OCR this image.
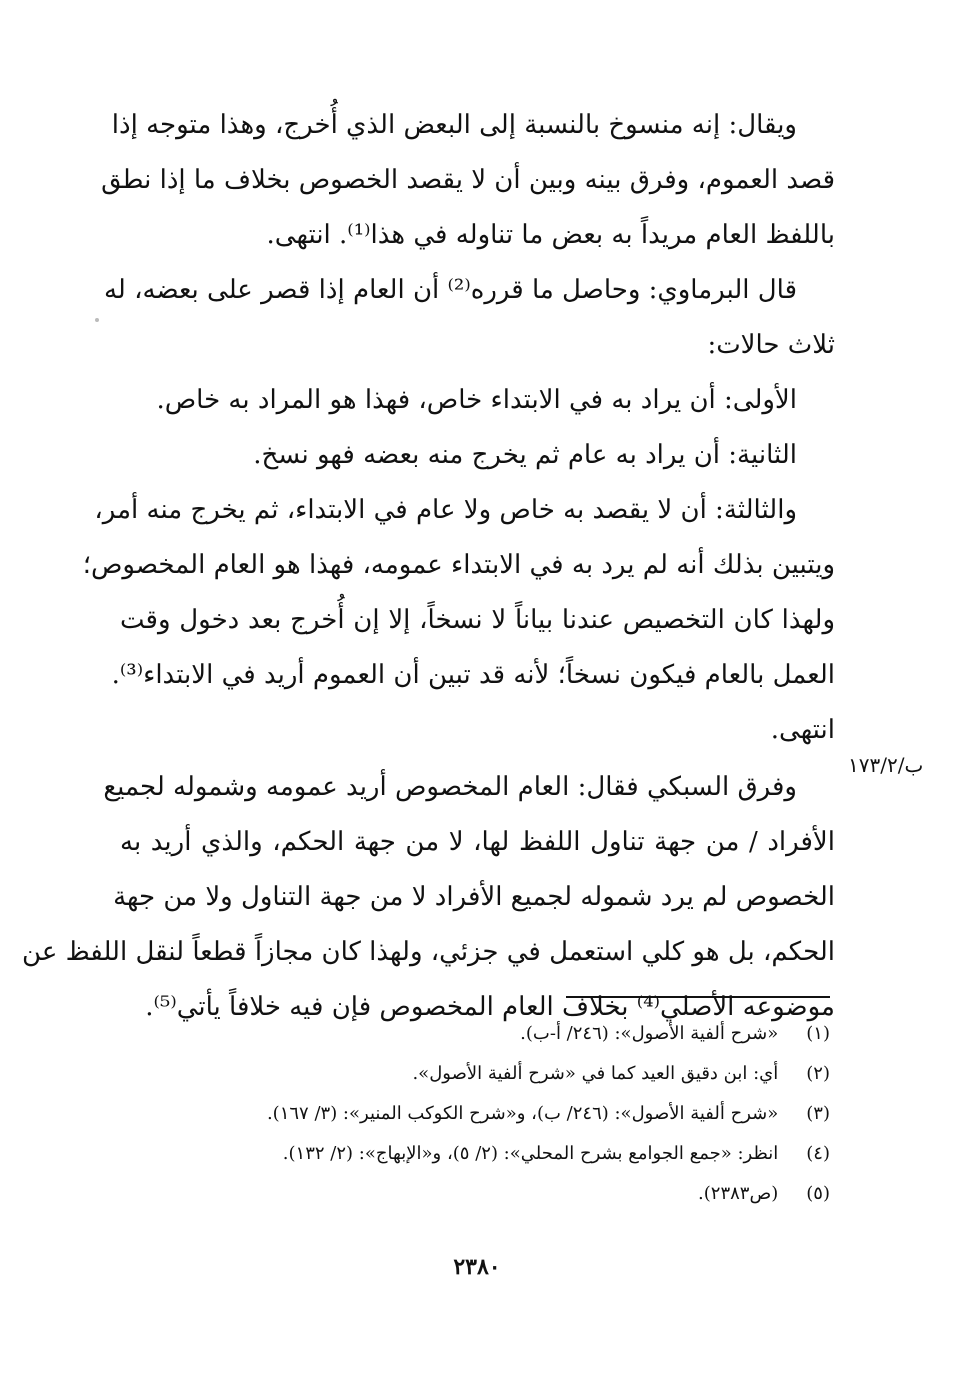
ويقال: إنه منسوخ بالنسبة إلى البعض الذي أُخرج، وهذا متوجه إذا
قصد العموم، وفرق بينه وبين أن لا يقصد الخصوص بخلاف ما إذا نطق
باللفظ العام مريداً به بعض ما تناوله في هذا⁽¹⁾. انتهى.
قال البرماوي: وحاصل ما قرره⁽²⁾ أن العام إذا قصر على بعضه، له
ثلاث حالات:
الأولى: أن يراد به في الابتداء خاص، فهذا هو المراد به خاص.
الثانية: أن يراد به عام ثم يخرج منه بعضه فهو نسخ.
والثالثة: أن لا يقصد به خاص ولا عام في الابتداء، ثم يخرج منه أمر،
ويتبين بذلك أنه لم يرد به في الابتداء عمومه، فهذا هو العام المخصوص؛
ولهذا كان التخصيص عندنا بياناً لا نسخاً، إلا إن أُخرج بعد دخول وقت
العمل بالعام فيكون نسخاً؛ لأنه قد تبين أن العموم أريد في الابتداء⁽³⁾.
انتهى.
وفرق السبكي فقال: العام المخصوص أريد عمومه وشموله لجميع
الأفراد / من جهة تناول اللفظ لها، لا من جهة الحكم، والذي أريد به
الخصوص لم يرد شموله لجميع الأفراد لا من جهة التناول ولا من جهة
الحكم، بل هو كلي استعمل في جزئي، ولهذا كان مجازاً قطعاً لنقل اللفظ عن
موضوعه الأصلي⁽⁴⁾ بخلاف العام المخصوص فإن فيه خلافاً يأتي⁽⁵⁾.
ب/١٧٣/٢
(١) «شرح ألفية الأصول»: (٢٤٦/ أ-ب).
(٢) أي: ابن دقيق العيد كما في «شرح ألفية الأصول».
(٣) «شرح ألفية الأصول»: (٢٤٦/ ب)، و«شرح الكوكب المنير»: (٣/ ١٦٧).
(٤) انظر: «جمع الجوامع بشرح المحلي»: (٢/ ٥)، و«الإبهاج»: (٢/ ١٣٢).
(٥) (ص٢٣٨٣).
٢٣٨٠
